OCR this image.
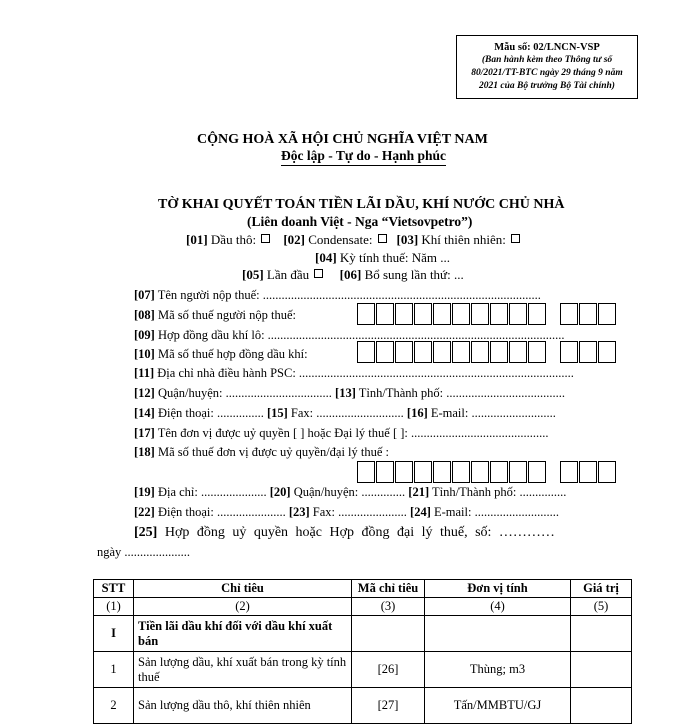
Mẫu số: 02/LNCN-VSP
(Ban hành kèm theo Thông tư số
80/2021/TT-BTC ngày 29 tháng 9 năm
2021 của Bộ trưởng Bộ Tài chính)
CỘNG HOÀ XÃ HỘI CHỦ NGHĨA VIỆT NAM
Độc lập - Tự do - Hạnh phúc
TỜ KHAI QUYẾT TOÁN TIỀN LÃI DẦU, KHÍ NƯỚC CHỦ NHÀ
(Liên doanh Việt - Nga “Vietsovpetro”)
[01] Dầu thô:     [02] Condensate:    [03] Khí thiên nhiên:
[04] Kỳ tính thuế: Năm ...
[05] Lần đầu      [06] Bổ sung lần thứ: ...
[07] Tên người nộp thuế: .........................................................................................
[08] Mã số thuế người nộp thuế:
[09] Hợp đồng dầu khí lô: ...............................................................................................
[10] Mã số thuế hợp đồng dầu khí:
[11] Địa chỉ nhà điều hành PSC: ........................................................................................
[12] Quận/huyện: .................................. [13] Tỉnh/Thành phố: ......................................
[14] Điện thoại: ............... [15] Fax: ............................ [16] E-mail: ...........................
[17] Tên đơn vị được uỷ quyền [ ] hoặc Đại lý thuế [ ]: ............................................
[18] Mã số thuế đơn vị được uỷ quyền/đại lý thuế :
[19] Địa chỉ: ..................... [20] Quận/huyện: .............. [21] Tỉnh/Thành phố: ...............
[22] Điện thoại: ...................... [23] Fax: ...................... [24] E-mail: ...........................
[25] Hợp đồng uỷ quyền hoặc Hợp đồng đại lý thuế, số: …………
ngày .....................
STT	Chỉ tiêu	Mã chỉ tiêu	Đơn vị tính	Giá trị
(1)	(2)	(3)	(4)	(5)
I	Tiền lãi dầu khí đối với dầu khí xuất bán			
1	Sản lượng dầu, khí xuất bán trong kỳ tính thuế	[26]	Thùng; m3	
2	Sản lượng dầu thô, khí thiên nhiên	[27]	Tấn/MMBTU/GJ	
